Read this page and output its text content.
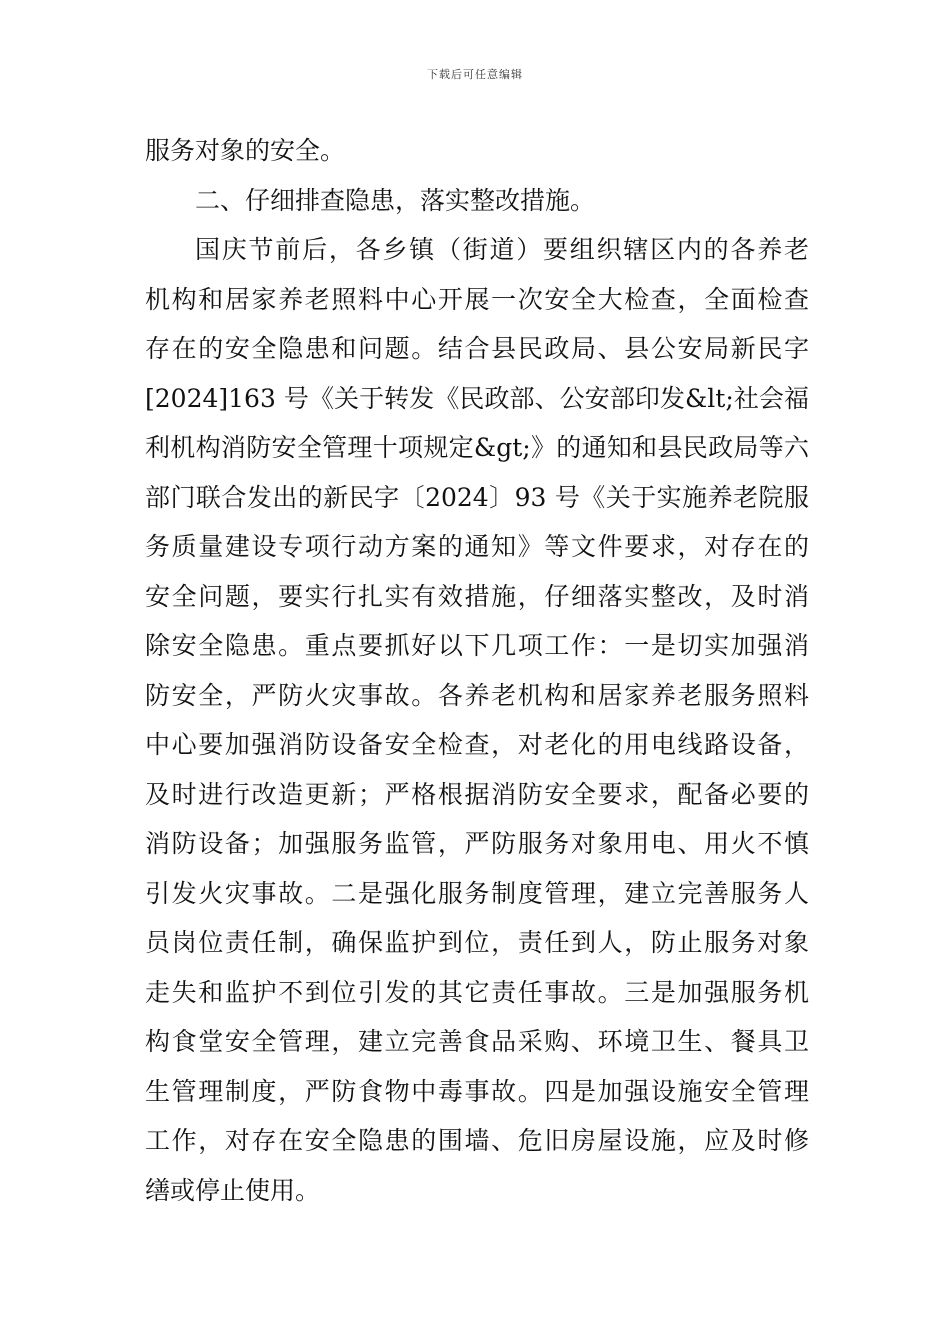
下载后可任意编辑
服务对象的安全。
二、仔细排查隐患，落实整改措施。
国庆节前后，各乡镇（街道）要组织辖区内的各养老
机构和居家养老照料中心开展一次安全大检查，全面检查
存在的安全隐患和问题。结合县民政局、县公安局新民字
[2024]163 号《关于转发《民政部、公安部印发&lt;社会福
利机构消防安全管理十项规定&gt;》的通知和县民政局等六
部门联合发出的新民字〔2024〕93 号《关于实施养老院服
务质量建设专项行动方案的通知》等文件要求，对存在的
安全问题，要实行扎实有效措施，仔细落实整改，及时消
除安全隐患。重点要抓好以下几项工作：一是切实加强消
防安全，严防火灾事故。各养老机构和居家养老服务照料
中心要加强消防设备安全检查，对老化的用电线路设备，
及时进行改造更新；严格根据消防安全要求，配备必要的
消防设备；加强服务监管，严防服务对象用电、用火不慎
引发火灾事故。二是强化服务制度管理，建立完善服务人
员岗位责任制，确保监护到位，责任到人，防止服务对象
走失和监护不到位引发的其它责任事故。三是加强服务机
构食堂安全管理，建立完善食品采购、环境卫生、餐具卫
生管理制度，严防食物中毒事故。四是加强设施安全管理
工作，对存在安全隐患的围墙、危旧房屋设施，应及时修
缮或停止使用。
